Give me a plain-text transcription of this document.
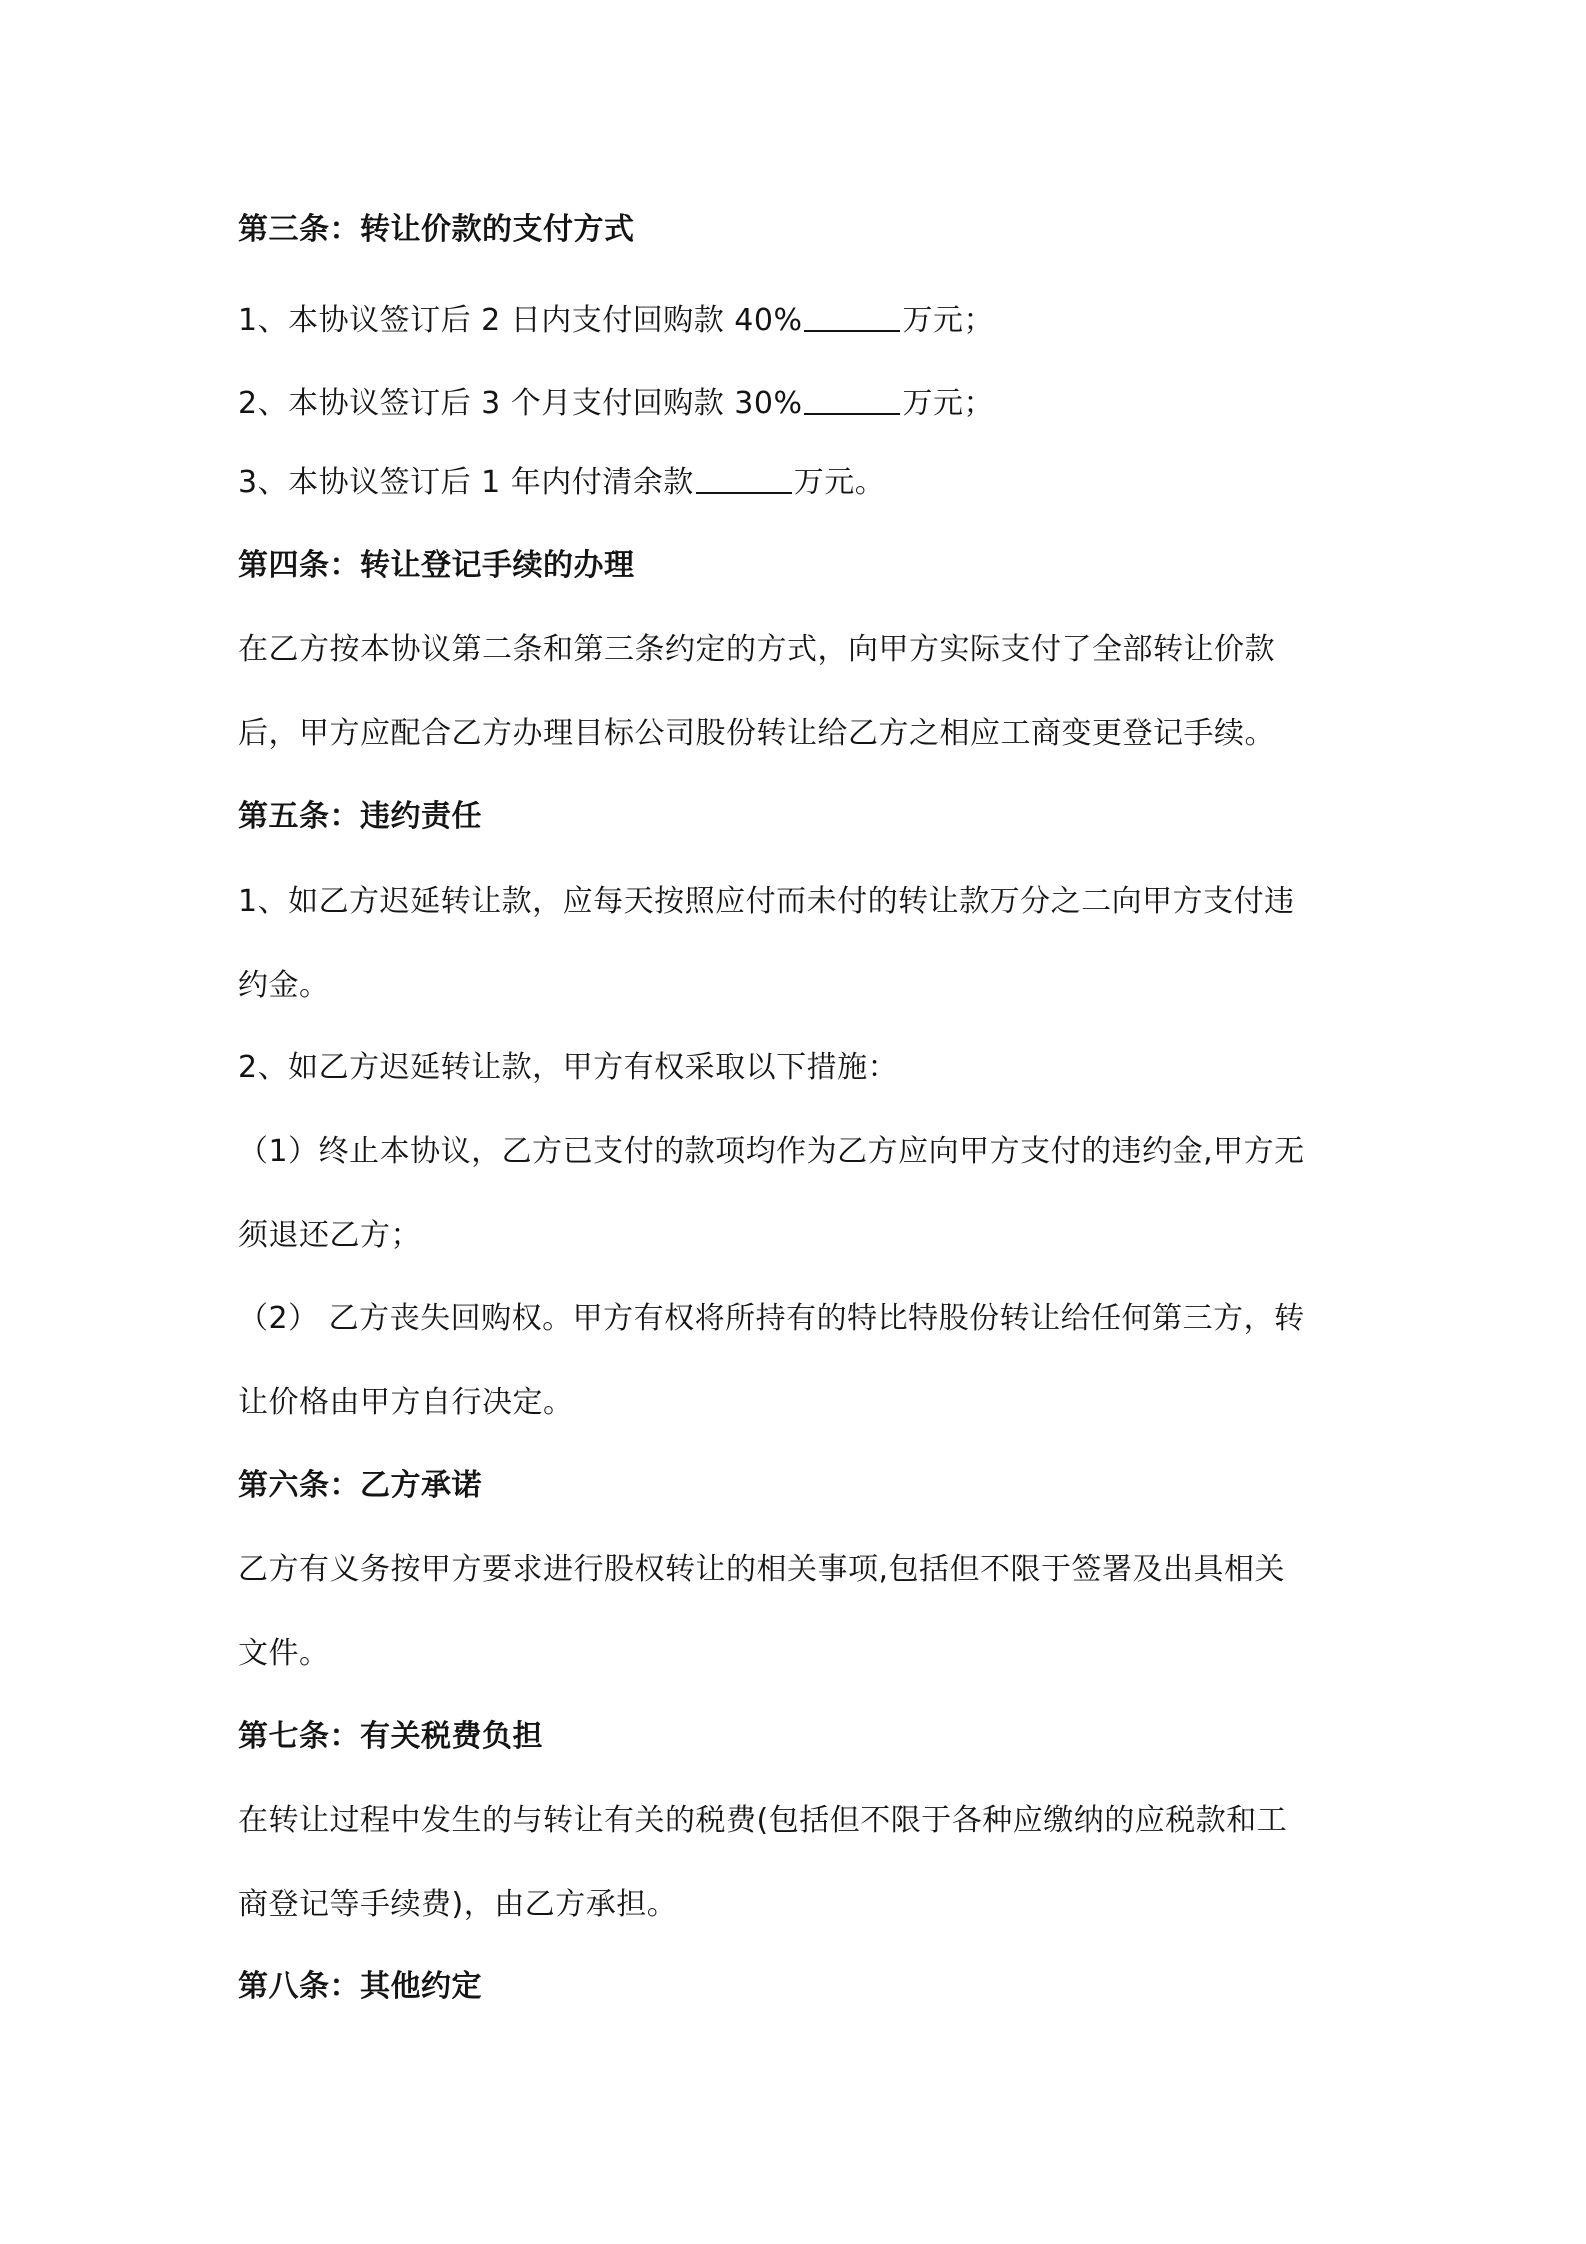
第三条：转让价款的支付方式
1、本协议签订后 2 日内支付回购款 40%	万元；
2、本协议签订后 3 个月支付回购款 30%	万元；
3、本协议签订后 1 年内付清余款	万元。
第四条：转让登记手续的办理
在乙方按本协议第二条和第三条约定的方式，向甲方实际支付了全部转让价款
后，甲方应配合乙方办理目标公司股份转让给乙方之相应工商变更登记手续。
第五条：违约责任
1、如乙方迟延转让款，应每天按照应付而未付的转让款万分之二向甲方支付违
约金。
2、如乙方迟延转让款，甲方有权采取以下措施：
（1）终止本协议，乙方已支付的款项均作为乙方应向甲方支付的违约金,甲方无
须退还乙方；
（2） 乙方丧失回购权。甲方有权将所持有的特比特股份转让给任何第三方，转
让价格由甲方自行决定。
第六条：乙方承诺
乙方有义务按甲方要求进行股权转让的相关事项,包括但不限于签署及出具相关
文件。
第七条：有关税费负担
在转让过程中发生的与转让有关的税费(包括但不限于各种应缴纳的应税款和工
商登记等手续费)，由乙方承担。
第八条：其他约定
